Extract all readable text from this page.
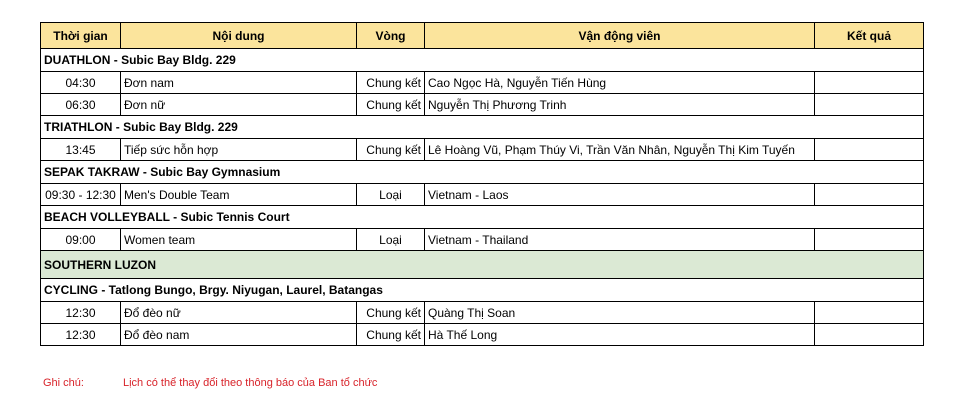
Thời gian	Nội dung	Vòng	Vận động viên	Kết quả
DUATHLON - Subic Bay Bldg. 229				
04:30	Đơn nam	Chung kết	Cao Ngọc Hà, Nguyễn Tiến Hùng	
06:30	Đơn nữ	Chung kết	Nguyễn Thị Phương Trinh	
TRIATHLON - Subic Bay Bldg. 229				
13:45	Tiếp sức hỗn hợp	Chung kết	Lê Hoàng Vũ, Phạm Thúy Vi, Trần Văn Nhân, Nguyễn Thị Kim Tuyến	
SEPAK TAKRAW - Subic Bay Gymnasium				
09:30 - 12:30	Men's Double Team	Loại	Vietnam - Laos	
BEACH VOLLEYBALL - Subic Tennis Court				
09:00	Women team	Loại	Vietnam - Thailand	
SOUTHERN LUZON				
CYCLING - Tatlong Bungo, Brgy. Niyugan, Laurel, Batangas				
12:30	Đổ đèo nữ	Chung kết	Quàng Thị Soan	
12:30	Đổ đèo nam	Chung kết	Hà Thế Long	
Ghi chú:	Lịch có thể thay đổi theo thông báo của Ban tổ chức
